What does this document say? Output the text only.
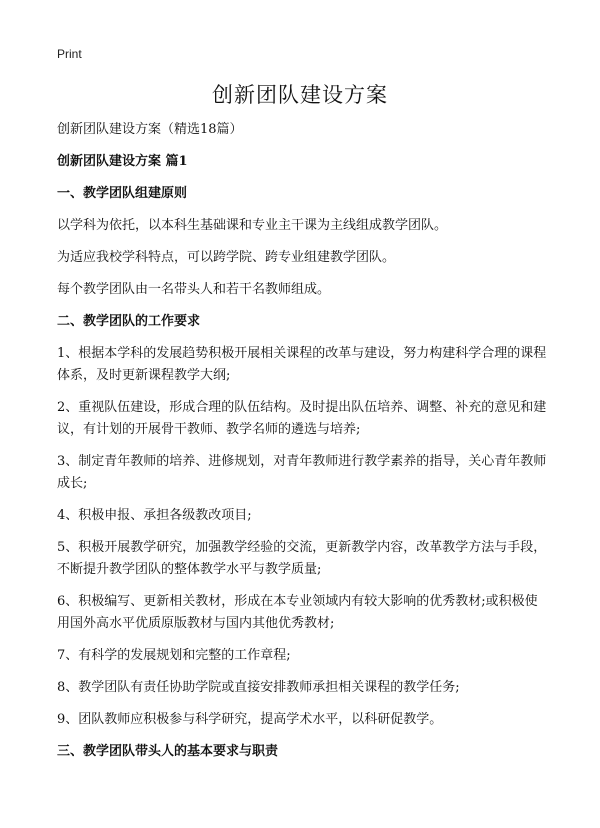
Print
创新团队建设方案

创新团队建设方案（精选18篇）

创新团队建设方案 篇1

一、教学团队组建原则

以学科为依托，以本科生基础课和专业主干课为主线组成教学团队。

为适应我校学科特点，可以跨学院、跨专业组建教学团队。

每个教学团队由一名带头人和若干名教师组成。

二、教学团队的工作要求

1、根据本学科的发展趋势积极开展相关课程的改革与建设，努力构建科学合理的课程体系，及时更新课程教学大纲;

2、重视队伍建设，形成合理的队伍结构。及时提出队伍培养、调整、补充的意见和建议，有计划的开展骨干教师、教学名师的遴选与培养;

3、制定青年教师的培养、进修规划，对青年教师进行教学素养的指导，关心青年教师成长;

4、积极申报、承担各级教改项目;

5、积极开展教学研究，加强教学经验的交流，更新教学内容，改革教学方法与手段，不断提升教学团队的整体教学水平与教学质量;

6、积极编写、更新相关教材，形成在本专业领域内有较大影响的优秀教材;或积极使用国外高水平优质原版教材与国内其他优秀教材;

7、有科学的发展规划和完整的工作章程;

8、教学团队有责任协助学院或直接安排教师承担相关课程的教学任务;

9、团队教师应积极参与科学研究，提高学术水平，以科研促教学。

三、教学团队带头人的基本要求与职责
